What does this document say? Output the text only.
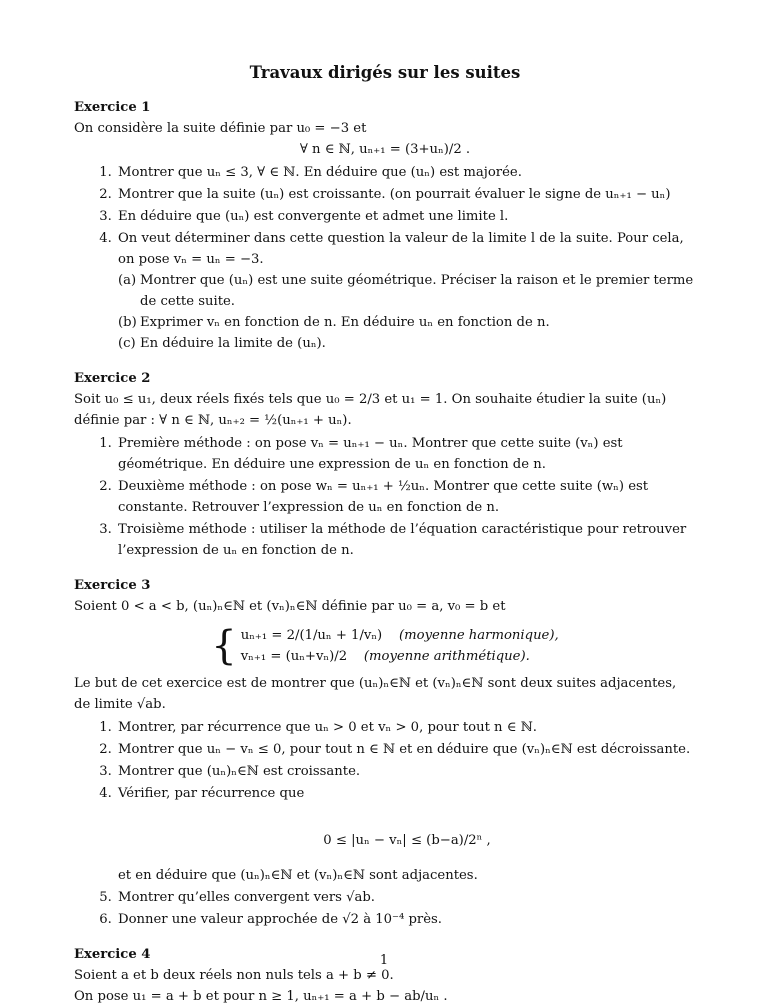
Travaux dirigés sur les suites
Exercice 1
On considère la suite définie par u₀ = −3 et
∀ n ∈ ℕ, uₙ₊₁ = (3+uₙ)/2 .
1. Montrer que uₙ ≤ 3, ∀ ∈ ℕ. En déduire que (uₙ) est majorée.
2. Montrer que la suite (uₙ) est croissante. (on pourrait évaluer le signe de uₙ₊₁ − uₙ)
3. En déduire que (uₙ) est convergente et admet une limite l.
4. On veut déterminer dans cette question la valeur de la limite l de la suite. Pour cela, on pose vₙ = uₙ = −3.
(a) Montrer que (uₙ) est une suite géométrique. Préciser la raison et le premier terme de cette suite.
(b) Exprimer vₙ en fonction de n. En déduire uₙ en fonction de n.
(c) En déduire la limite de (uₙ).
Exercice 2
Soit u₀ ≤ u₁, deux réels fixés tels que u₀ = 2/3 et u₁ = 1. On souhaite étudier la suite (uₙ) définie par : ∀ n ∈ ℕ, uₙ₊₂ = ½(uₙ₊₁ + uₙ).
1. Première méthode : on pose vₙ = uₙ₊₁ − uₙ. Montrer que cette suite (vₙ) est géométrique. En déduire une expression de uₙ en fonction de n.
2. Deuxième méthode : on pose wₙ = uₙ₊₁ + ½uₙ. Montrer que cette suite (wₙ) est constante. Retrouver l’expression de uₙ en fonction de n.
3. Troisième méthode : utiliser la méthode de l’équation caractéristique pour retrouver l’expression de uₙ en fonction de n.
Exercice 3
Soient 0 < a < b, (uₙ)ₙ∈ℕ et (vₙ)ₙ∈ℕ définie par u₀ = a, v₀ = b et
{ uₙ₊₁ = 2/(1/uₙ + 1/vₙ) (moyenne harmonique),
vₙ₊₁ = (uₙ+vₙ)/2 (moyenne arithmétique).
Le but de cet exercice est de montrer que (uₙ)ₙ∈ℕ et (vₙ)ₙ∈ℕ sont deux suites adjacentes, de limite √ab.
1. Montrer, par récurrence que uₙ > 0 et vₙ > 0, pour tout n ∈ ℕ.
2. Montrer que uₙ − vₙ ≤ 0, pour tout n ∈ ℕ et en déduire que (vₙ)ₙ∈ℕ est décroissante.
3. Montrer que (uₙ)ₙ∈ℕ est croissante.
4. Vérifier, par récurrence que
0 ≤ |uₙ − vₙ| ≤ (b−a)/2ⁿ ,
et en déduire que (uₙ)ₙ∈ℕ et (vₙ)ₙ∈ℕ sont adjacentes.
5. Montrer qu’elles convergent vers √ab.
6. Donner une valeur approchée de √2 à 10⁻⁴ près.
Exercice 4
Soient a et b deux réels non nuls tels a + b ≠ 0.
On pose u₁ = a + b et pour n ≥ 1, uₙ₊₁ = a + b − ab/uₙ .
1
